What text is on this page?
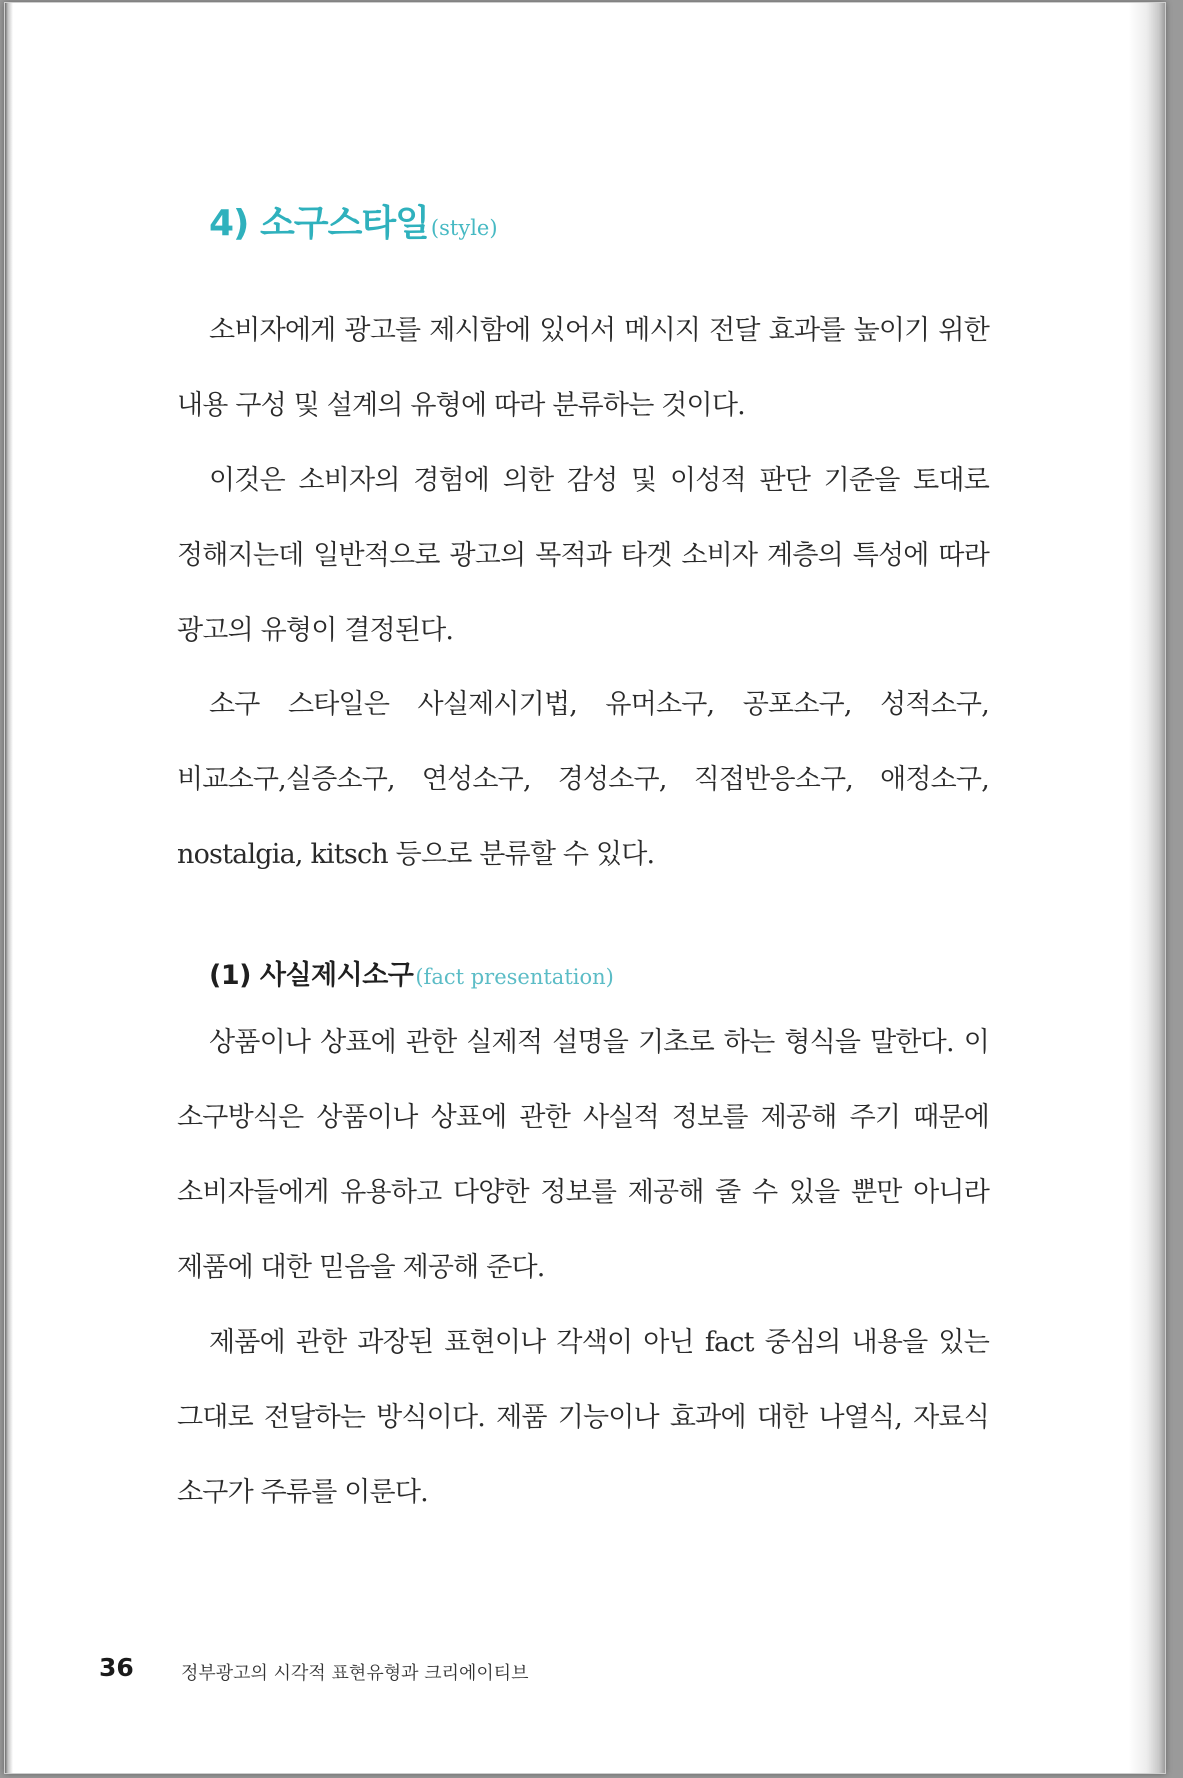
4) 소구스타일(style)

소비자에게 광고를 제시함에 있어서 메시지 전달 효과를 높이기 위한 내용 구성 및 설계의 유형에 따라 분류하는 것이다.

이것은 소비자의 경험에 의한 감성 및 이성적 판단 기준을 토대로 정해지는데 일반적으로 광고의 목적과 타겟 소비자 계층의 특성에 따라 광고의 유형이 결정된다.

소구 스타일은 사실제시기법, 유머소구, 공포소구, 성적소구, 비교소구,실증소구, 연성소구, 경성소구, 직접반응소구, 애정소구, nostalgia, kitsch 등으로 분류할 수 있다.

(1) 사실제시소구(fact presentation)

상품이나 상표에 관한 실제적 설명을 기초로 하는 형식을 말한다. 이 소구방식은 상품이나 상표에 관한 사실적 정보를 제공해 주기 때문에 소비자들에게 유용하고 다양한 정보를 제공해 줄 수 있을 뿐만 아니라 제품에 대한 믿음을 제공해 준다.

제품에 관한 과장된 표현이나 각색이 아닌 fact 중심의 내용을 있는 그대로 전달하는 방식이다. 제품 기능이나 효과에 대한 나열식, 자료식 소구가 주류를 이룬다.

36	정부광고의 시각적 표현유형과 크리에이티브
